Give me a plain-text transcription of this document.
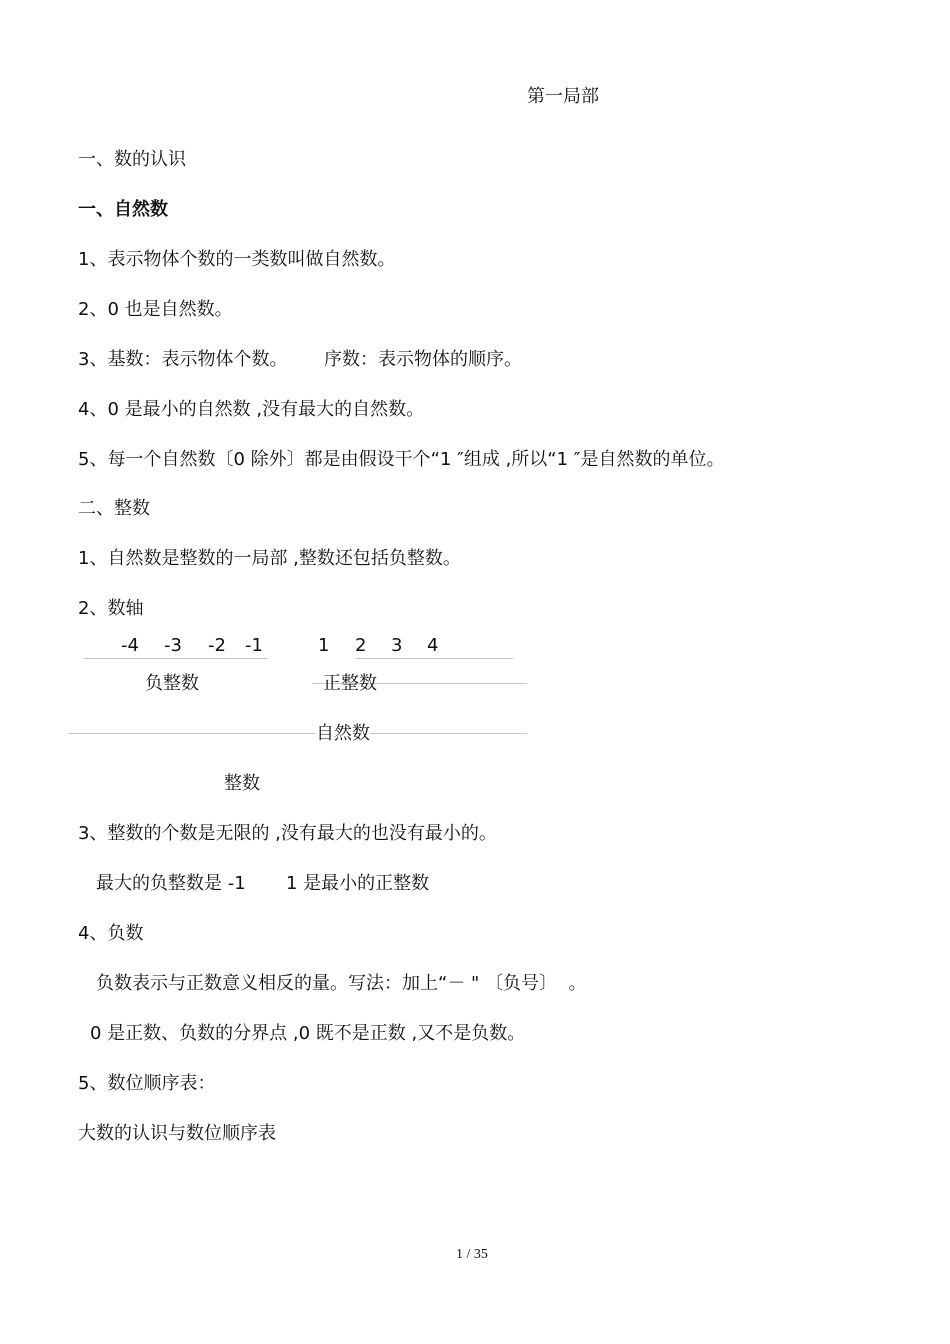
第一局部
一、数的认识
一、自然数
1、表示物体个数的一类数叫做自然数。
2、0 也是自然数。
3、基数：表示物体个数。 序数：表示物体的顺序。
4、0 是最小的自然数 ,没有最大的自然数。
5、每一个自然数〔0 除外〕都是由假设干个“1 ″组成 ,所以“1 ″是自然数的单位。
二、整数
1、自然数是整数的一局部 ,整数还包括负整数。
2、数轴
-4 -3 -2 -1	1 2 3 4
负整数	正整数
自然数
整数
3、整数的个数是无限的 ,没有最大的也没有最小的。
最大的负整数是 -1 1 是最小的正整数
4、负数
负数表示与正数意义相反的量。写法：加上“－ " 〔负号〕  。
0 是正数、负数的分界点 ,0 既不是正数 ,又不是负数。
5、数位顺序表：
大数的认识与数位顺序表
1 / 35
